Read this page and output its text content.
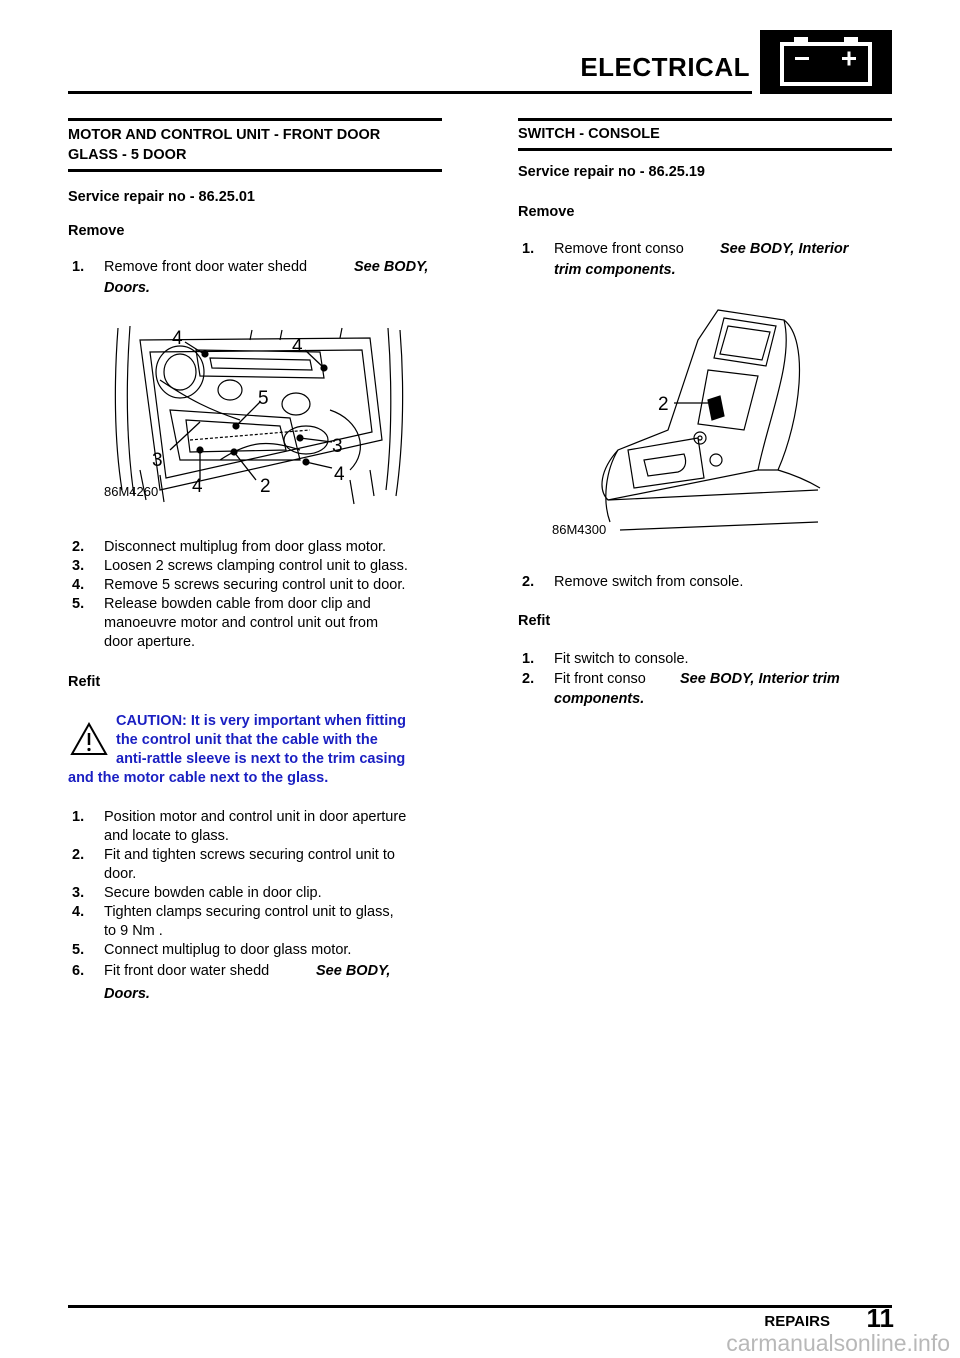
ELECTRICAL
MOTOR AND CONTROL UNIT - FRONT DOOR
GLASS - 5 DOOR
Service repair no - 86.25.01
Remove
1. Remove front door water shedd	See BODY,
Doors.
4	4
5
3
3
4
4
2
86M4260
2. Disconnect multiplug from door glass motor.
3. Loosen 2 screws clamping control unit to glass.
4. Remove 5 screws securing control unit to door.
5. Release bowden cable from door clip and
manoeuvre motor and control unit out from
door aperture.
Refit
CAUTION: It is very important when fitting
the control unit that the cable with the
anti-rattle sleeve is next to the trim casing
and the motor cable next to the glass.
1. Position motor and control unit in door aperture
and locate to glass.
2. Fit and tighten screws securing control unit to
door.
3. Secure bowden cable in door clip.
4. Tighten clamps securing control unit to glass,
to 9 Nm .
5. Connect multiplug to door glass motor.
6. Fit front door water shedd	See BODY,
Doors.
SWITCH - CONSOLE
Service repair no - 86.25.19
Remove
1. Remove front conso See BODY, Interior
trim components.
2
86M4300
2. Remove switch from console.
Refit
1. Fit switch to console.
2. Fit front conso See BODY, Interior trim
components.
REPAIRS	11
carmanualsonline.info
